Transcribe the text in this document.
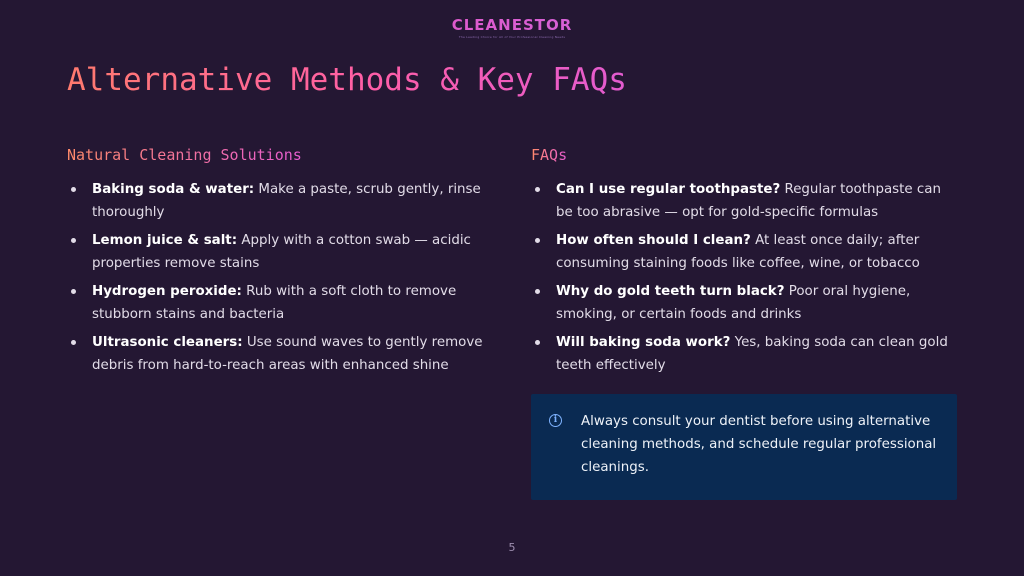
CLEANESTOR
The Leading Choice for All of Your Professional Cleaning Needs
Alternative Methods & Key FAQs
Natural Cleaning Solutions
Baking soda & water: Make a paste, scrub gently, rinse thoroughly
Lemon juice & salt: Apply with a cotton swab — acidic properties remove stains
Hydrogen peroxide: Rub with a soft cloth to remove stubborn stains and bacteria
Ultrasonic cleaners: Use sound waves to gently remove debris from hard-to-reach areas with enhanced shine
FAQs
Can I use regular toothpaste? Regular toothpaste can be too abrasive — opt for gold-specific formulas
How often should I clean? At least once daily; after consuming staining foods like coffee, wine, or tobacco
Why do gold teeth turn black? Poor oral hygiene, smoking, or certain foods and drinks
Will baking soda work? Yes, baking soda can clean gold teeth effectively
i	Always consult your dentist before using alternative cleaning methods, and schedule regular professional cleanings.
5
